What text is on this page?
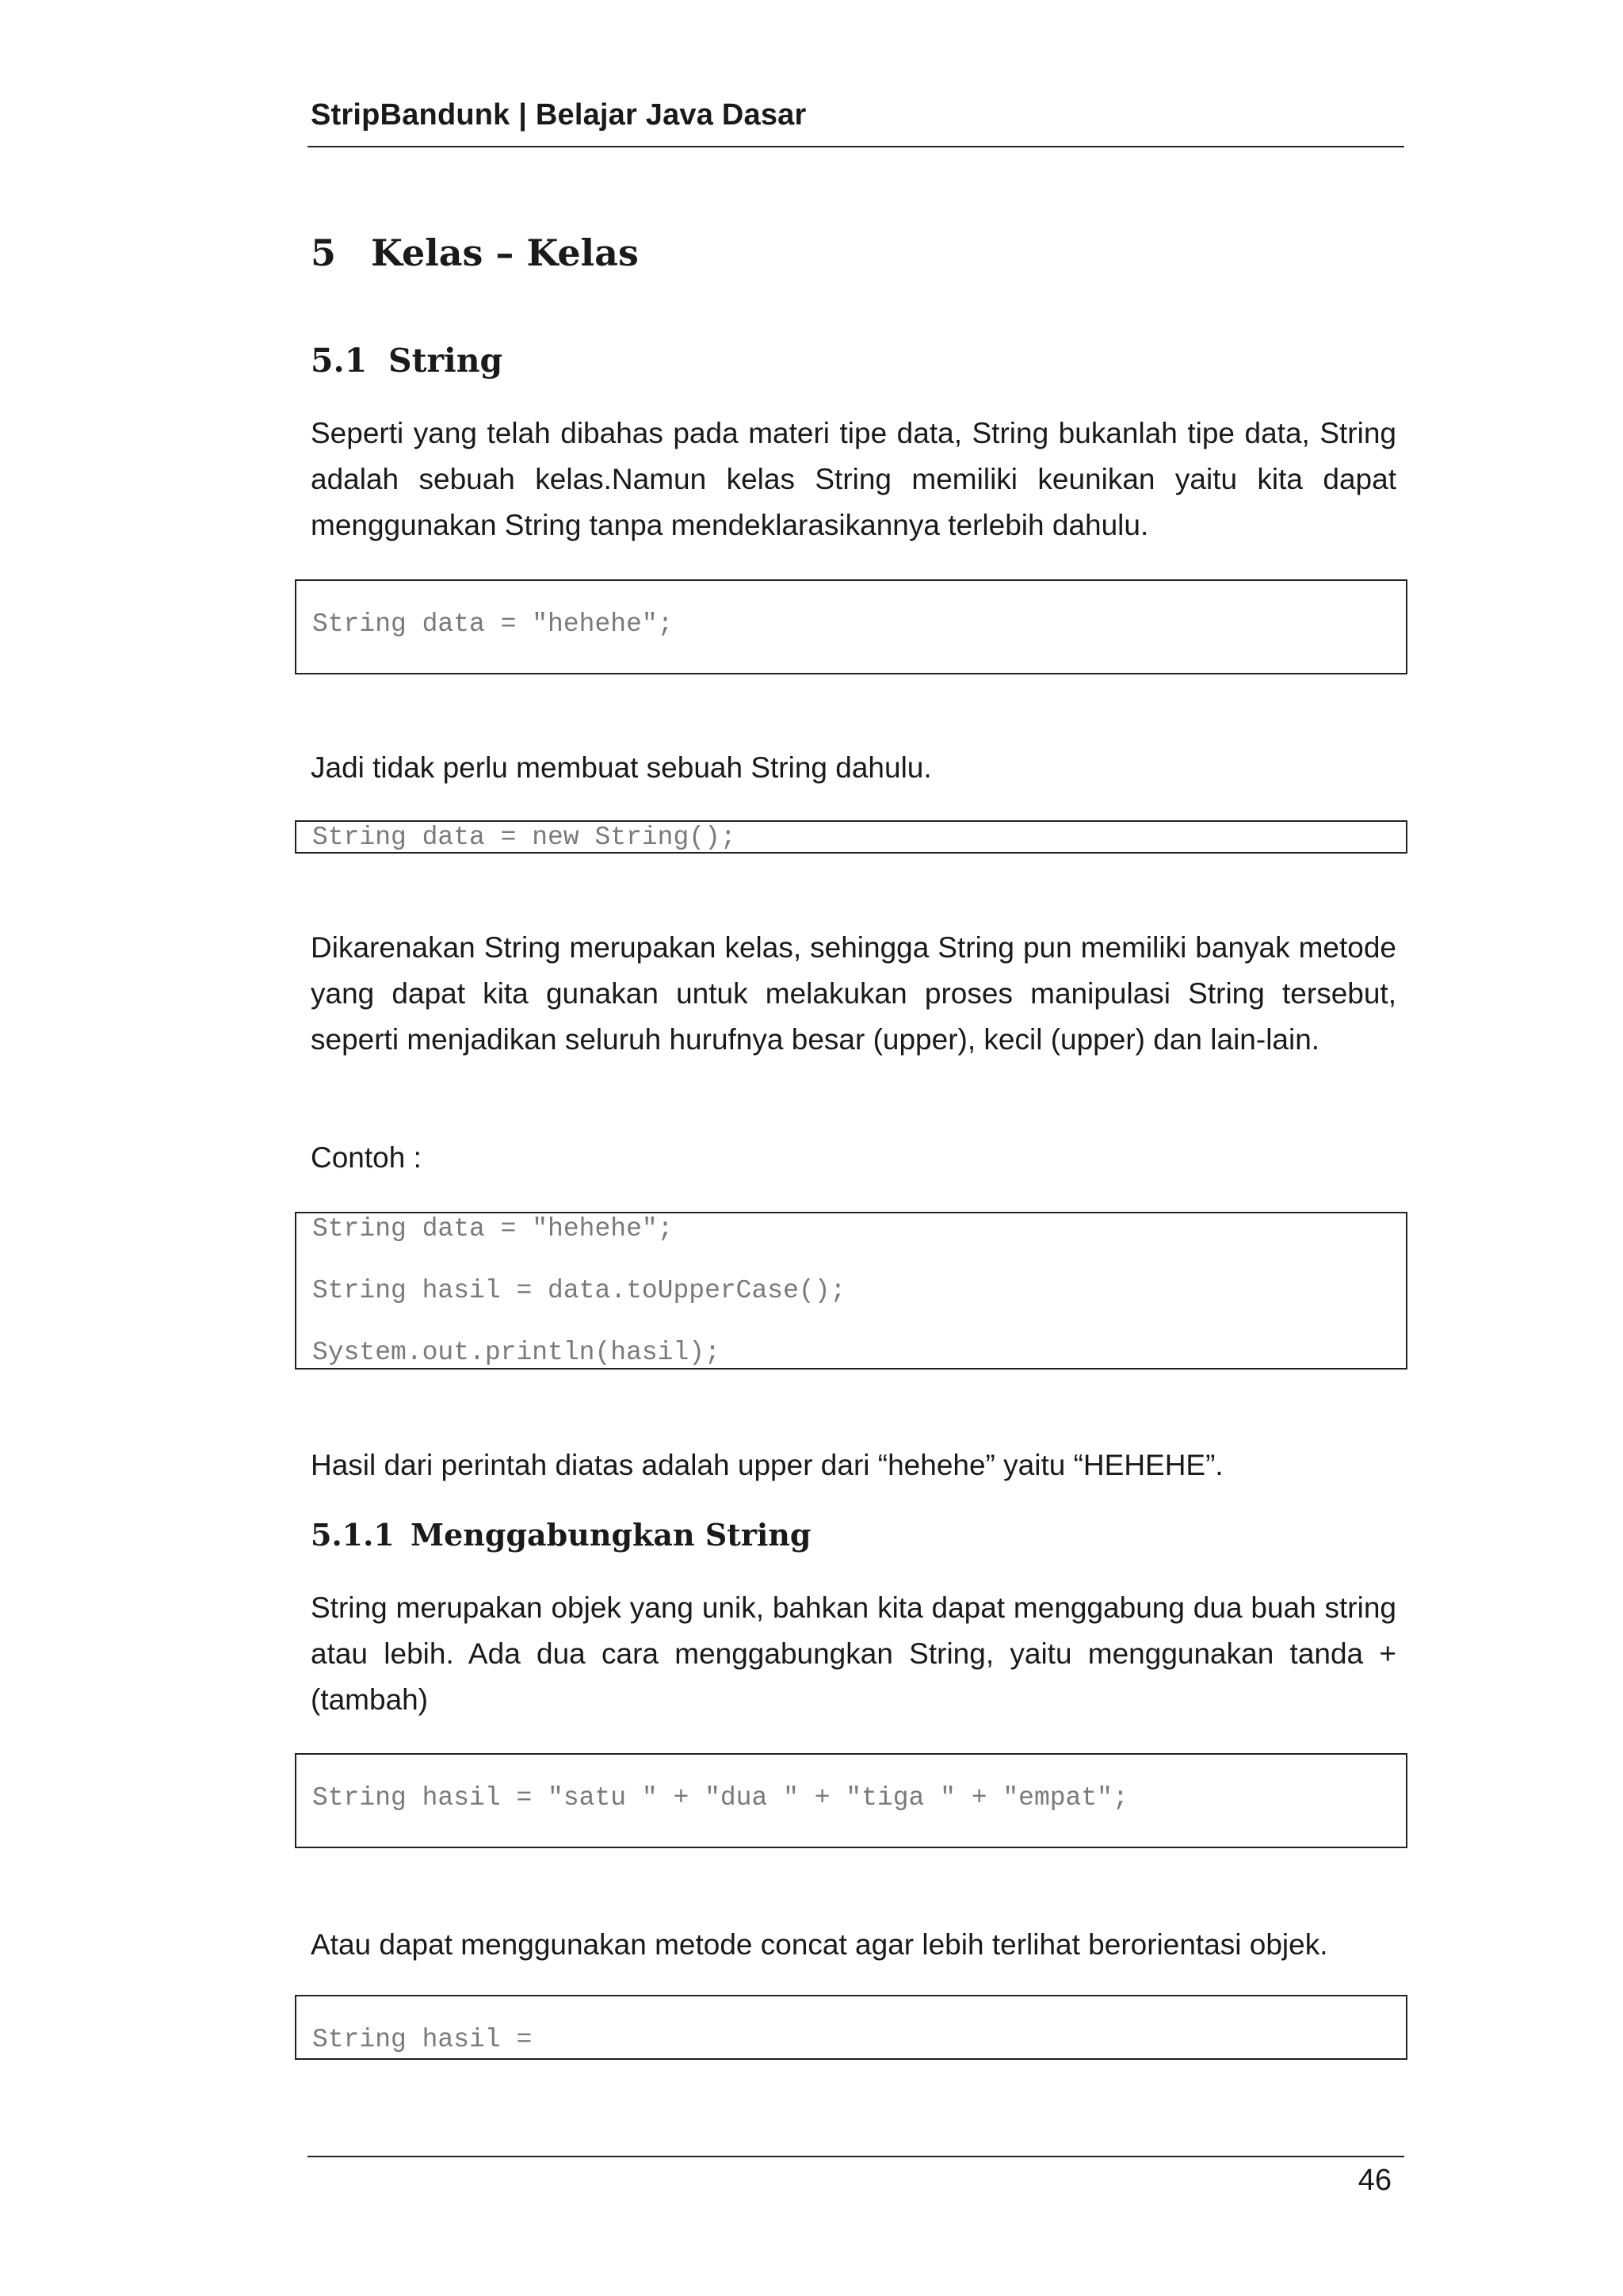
StripBandunk | Belajar Java Dasar
5 Kelas – Kelas
5.1 String
Seperti yang telah dibahas pada materi tipe data, String bukanlah tipe data, String adalah sebuah kelas.Namun kelas String memiliki keunikan yaitu kita dapat menggunakan String tanpa mendeklarasikannya terlebih dahulu.
String data = "hehehe";
Jadi tidak perlu membuat sebuah String dahulu.
String data = new String();
Dikarenakan String merupakan kelas, sehingga String pun memiliki banyak metode yang dapat kita gunakan untuk melakukan proses manipulasi String tersebut, seperti menjadikan seluruh hurufnya besar (upper), kecil (upper) dan lain-lain.
Contoh :
String data = "hehehe";
String hasil = data.toUpperCase();
System.out.println(hasil);
Hasil dari perintah diatas adalah upper dari “hehehe” yaitu “HEHEHE”.
5.1.1 Menggabungkan String
String merupakan objek yang unik, bahkan kita dapat menggabung dua buah string atau lebih. Ada dua cara menggabungkan String, yaitu menggunakan tanda + (tambah)
String hasil = "satu " + "dua " + "tiga " + "empat";
Atau dapat menggunakan metode concat agar lebih terlihat berorientasi objek.
String hasil =
46
